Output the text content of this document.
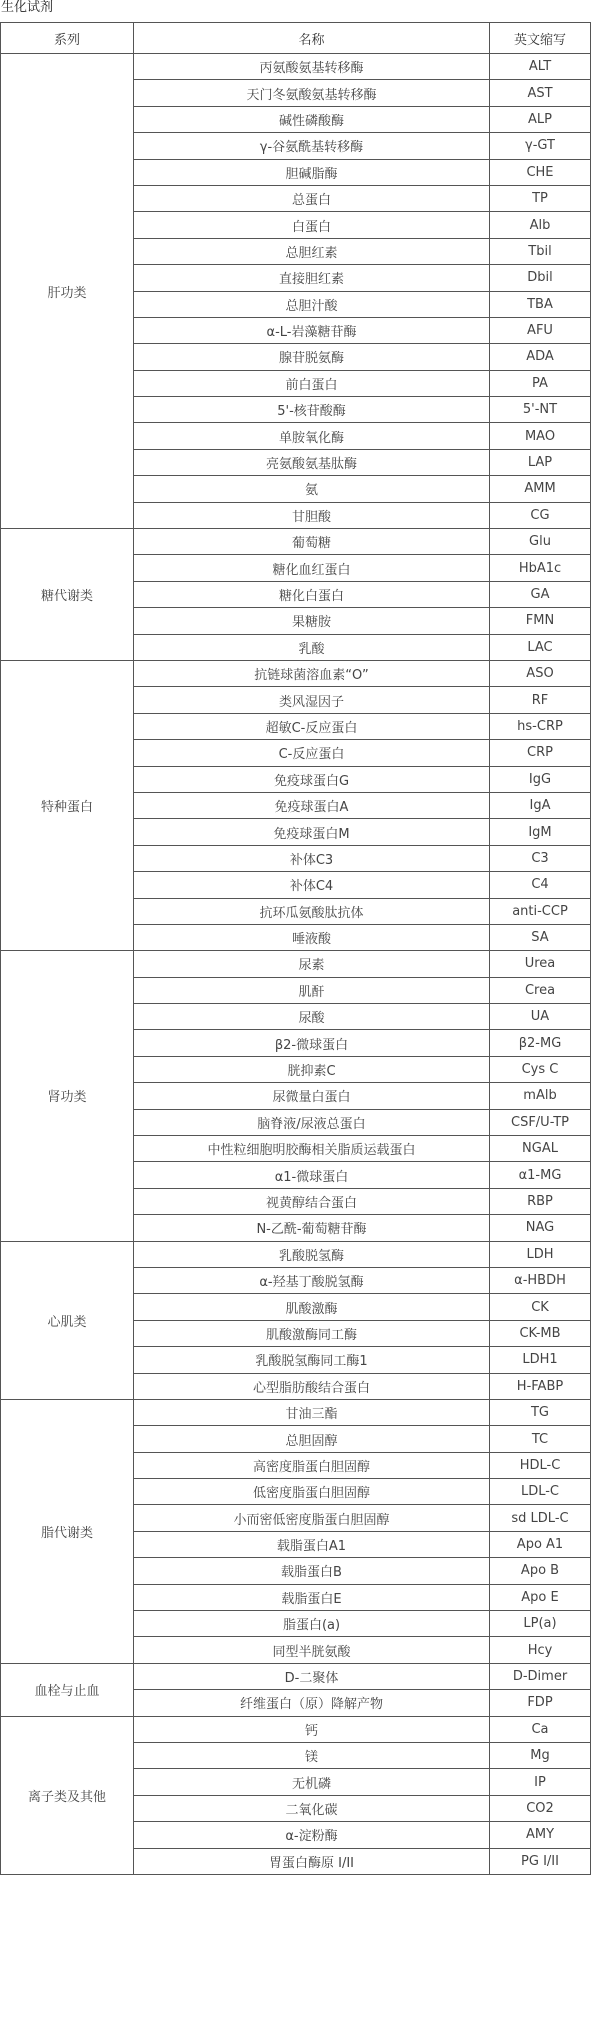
生化试剂
系列	名称	英文缩写
肝功类	丙氨酸氨基转移酶	ALT
	天门冬氨酸氨基转移酶	AST
	碱性磷酸酶	ALP
	γ-谷氨酰基转移酶	γ-GT
	胆碱脂酶	CHE
	总蛋白	TP
	白蛋白	Alb
	总胆红素	Tbil
	直接胆红素	Dbil
	总胆汁酸	TBA
	α-L-岩藻糖苷酶	AFU
	腺苷脱氨酶	ADA
	前白蛋白	PA
	5'-核苷酸酶	5'-NT
	单胺氧化酶	MAO
	亮氨酸氨基肽酶	LAP
	氨	AMM
	甘胆酸	CG
糖代谢类	葡萄糖	Glu
	糖化血红蛋白	HbA1c
	糖化白蛋白	GA
	果糖胺	FMN
	乳酸	LAC
特种蛋白	抗链球菌溶血素“O”	ASO
	类风湿因子	RF
	超敏C-反应蛋白	hs-CRP
	C-反应蛋白	CRP
	免疫球蛋白G	IgG
	免疫球蛋白A	IgA
	免疫球蛋白M	IgM
	补体C3	C3
	补体C4	C4
	抗环瓜氨酸肽抗体	anti-CCP
	唾液酸	SA
肾功类	尿素	Urea
	肌酐	Crea
	尿酸	UA
	β2-微球蛋白	β2-MG
	胱抑素C	Cys C
	尿微量白蛋白	mAlb
	脑脊液/尿液总蛋白	CSF/U-TP
	中性粒细胞明胶酶相关脂质运载蛋白	NGAL
	α1-微球蛋白	α1-MG
	视黄醇结合蛋白	RBP
	N-乙酰-葡萄糖苷酶	NAG
心肌类	乳酸脱氢酶	LDH
	α-羟基丁酸脱氢酶	α-HBDH
	肌酸激酶	CK
	肌酸激酶同工酶	CK-MB
	乳酸脱氢酶同工酶1	LDH1
	心型脂肪酸结合蛋白	H-FABP
脂代谢类	甘油三酯	TG
	总胆固醇	TC
	高密度脂蛋白胆固醇	HDL-C
	低密度脂蛋白胆固醇	LDL-C
	小而密低密度脂蛋白胆固醇	sd LDL-C
	载脂蛋白A1	Apo A1
	载脂蛋白B	Apo B
	载脂蛋白E	Apo E
	脂蛋白(a)	LP(a)
	同型半胱氨酸	Hcy
血栓与止血	D-二聚体	D-Dimer
	纤维蛋白（原）降解产物	FDP
离子类及其他	钙	Ca
	镁	Mg
	无机磷	IP
	二氧化碳	CO2
	α-淀粉酶	AMY
	胃蛋白酶原 I/II	PG I/II
